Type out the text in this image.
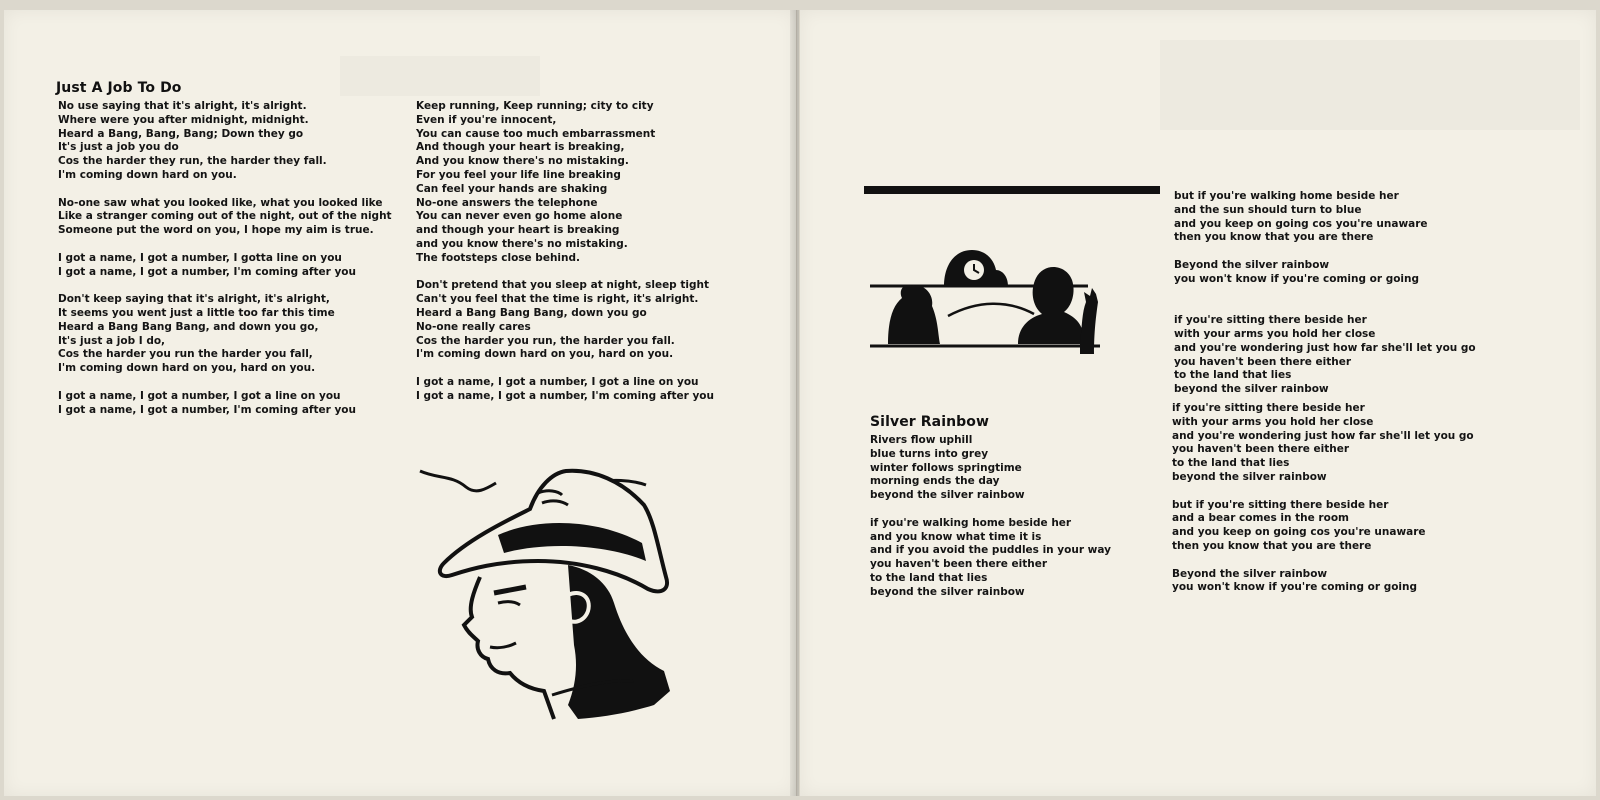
Just A Job To Do
No use saying that it's alright, it's alright.
Where were you after midnight, midnight.
Heard a Bang, Bang, Bang; Down they go
It's just a job you do
Cos the harder they run, the harder they fall.
I'm coming down hard on you.
No-one saw what you looked like, what you looked like
Like a stranger coming out of the night, out of the night
Someone put the word on you, I hope my aim is true.
I got a name, I got a number, I gotta line on you
I got a name, I got a number, I'm coming after you
Don't keep saying that it's alright, it's alright,
It seems you went just a little too far this time
Heard a Bang Bang Bang, and down you go,
It's just a job I do,
Cos the harder you run the harder you fall,
I'm coming down hard on you, hard on you.
I got a name, I got a number, I got a line on you
I got a name, I got a number, I'm coming after you
Keep running, Keep running; city to city
Even if you're innocent,
You can cause too much embarrassment
And though your heart is breaking,
And you know there's no mistaking.
For you feel your life line breaking
Can feel your hands are shaking
No-one answers the telephone
You can never even go home alone
and though your heart is breaking
and you know there's no mistaking.
The footsteps close behind.
Don't pretend that you sleep at night, sleep tight
Can't you feel that the time is right, it's alright.
Heard a Bang Bang Bang, down you go
No-one really cares
Cos the harder you run, the harder you fall.
I'm coming down hard on you, hard on you.
I got a name, I got a number, I got a line on you
I got a name, I got a number, I'm coming after you
Silver Rainbow
Rivers flow uphill
blue turns into grey
winter follows springtime
morning ends the day
beyond the silver rainbow
if you're walking home beside her
and you know what time it is
and if you avoid the puddles in your way
you haven't been there either
to the land that lies
beyond the silver rainbow
but if you're walking home beside her
and the sun should turn to blue
and you keep on going cos you're unaware
then you know that you are there
Beyond the silver rainbow
you won't know if you're coming or going
if you're sitting there beside her
with your arms you hold her close
and you're wondering just how far she'll let you go
you haven't been there either
to the land that lies
beyond the silver rainbow
if you're sitting there beside her
with your arms you hold her close
and you're wondering just how far she'll let you go
you haven't been there either
to the land that lies
beyond the silver rainbow
but if you're sitting there beside her
and a bear comes in the room
and you keep on going cos you're unaware
then you know that you are there
Beyond the silver rainbow
you won't know if you're coming or going
